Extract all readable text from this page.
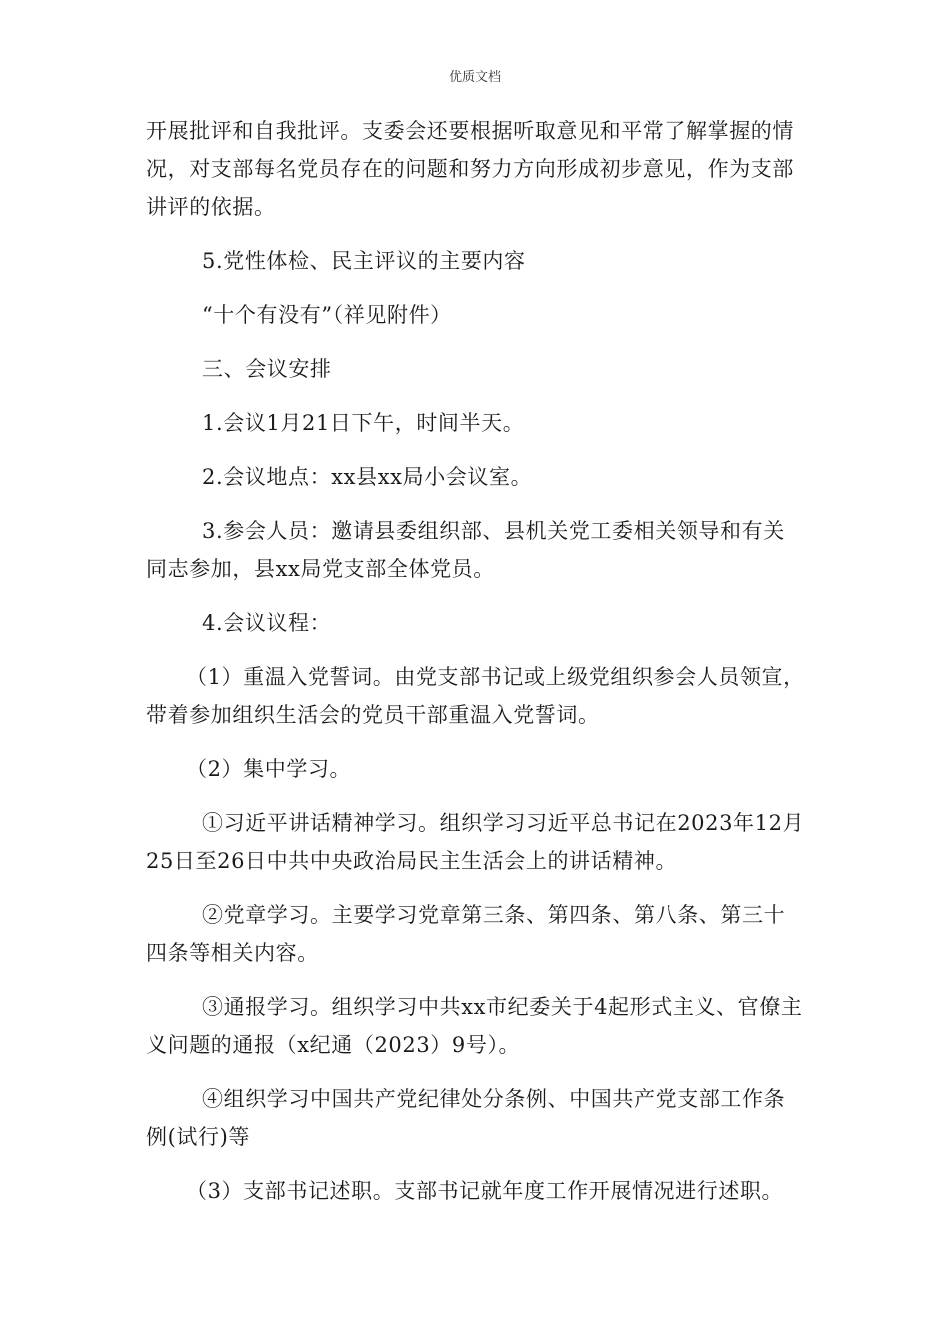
优质文档

开展批评和自我批评。支委会还要根据听取意见和平常了解掌握的情况，对支部每名党员存在的问题和努力方向形成初步意见，作为支部讲评的依据。

5.党性体检、民主评议的主要内容

“十个有没有”（祥见附件）

三、会议安排

1.会议1月21日下午，时间半天。

2.会议地点：xx县xx局小会议室。

3.参会人员：邀请县委组织部、县机关党工委相关领导和有关同志参加，县xx局党支部全体党员。

4.会议议程：

（1）重温入党誓词。由党支部书记或上级党组织参会人员领宣，带着参加组织生活会的党员干部重温入党誓词。

（2）集中学习。

①习近平讲话精神学习。组织学习习近平总书记在2023年12月25日至26日中共中央政治局民主生活会上的讲话精神。

②党章学习。主要学习党章第三条、第四条、第八条、第三十四条等相关内容。

③通报学习。组织学习中共xx市纪委关于4起形式主义、官僚主义问题的通报（x纪通（2023）9号）。

④组织学习中国共产党纪律处分条例、中国共产党支部工作条例(试行)等

（3）支部书记述职。支部书记就年度工作开展情况进行述职。
